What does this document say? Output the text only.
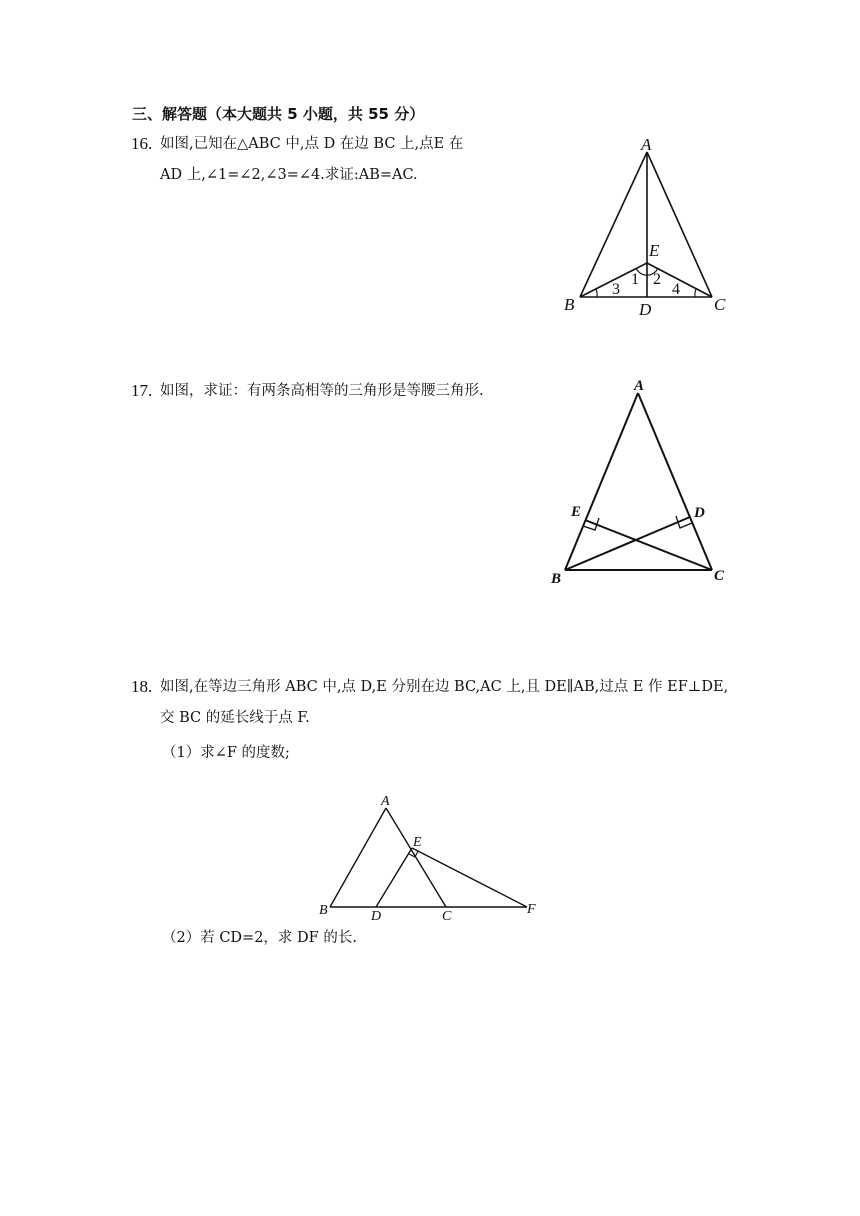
三、解答题（本大题共 5 小题，共 55 分）
16. 如图,已知在△ABC 中,点 D 在边 BC 上,点E 在
AD 上,∠1=∠2,∠3=∠4.求证:AB=AC.
A
B	C
D
E
1 2
3	4
17. 如图，求证：有两条高相等的三角形是等腰三角形.	A
B	C
D
E
18. 如图,在等边三角形 ABC 中,点 D,E 分别在边 BC,AC 上,且 DE∥AB,过点 E 作 EF⊥DE,
交 BC 的延长线于点 F.
（1）求∠F 的度数;
A
B	C
D
E
F
（2）若 CD=2，求 DF 的长.
